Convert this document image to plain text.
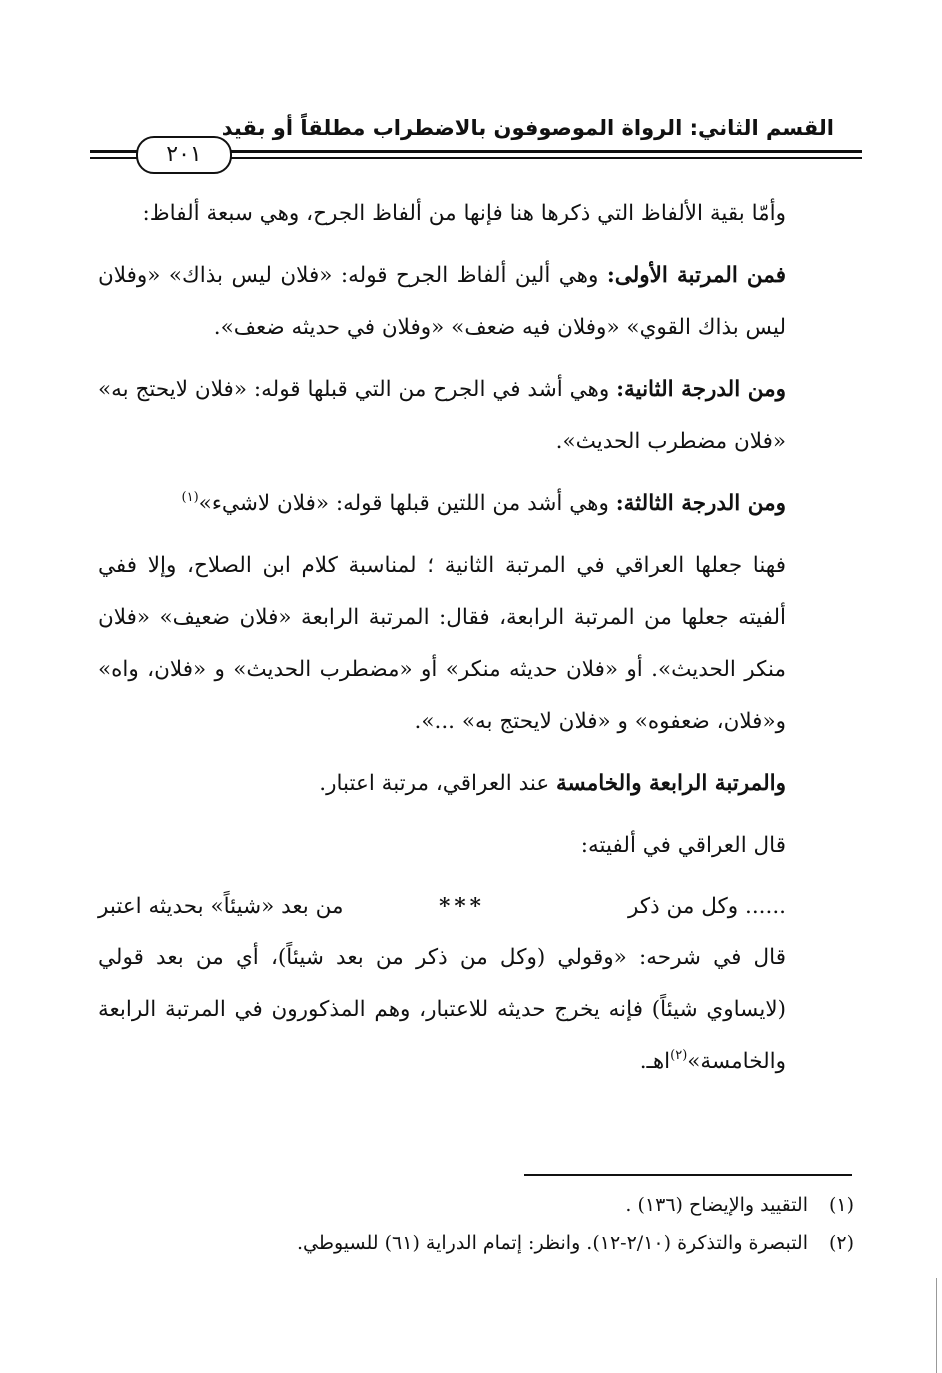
القسم الثاني: الرواة الموصوفون بالاضطراب مطلقاً أو بقيد
٢٠١

وأمّا بقية الألفاظ التي ذكرها هنا فإنها من ألفاظ الجرح، وهي سبعة ألفاظ:

فمن المرتبة الأولى: وهي ألين ألفاظ الجرح قوله: «فلان ليس بذاك» «وفلان ليس بذاك القوي» «وفلان فيه ضعف» «وفلان في حديثه ضعف».

ومن الدرجة الثانية: وهي أشد في الجرح من التي قبلها قوله: «فلان لايحتج به» «فلان مضطرب الحديث».

ومن الدرجة الثالثة: وهي أشد من اللتين قبلها قوله: «فلان لاشيء»$^{(١)}$

فهنا جعلها العراقي في المرتبة الثانية ؛ لمناسبة كلام ابن الصلاح، وإلا ففي ألفيته جعلها من المرتبة الرابعة، فقال: المرتبة الرابعة «فلان ضعيف» «فلان منكر الحديث». أو «فلان حديثه منكر» أو «مضطرب الحديث» و «فلان، واه» و«فلان، ضعفوه» و «فلان لايحتج به» ...».

والمرتبة الرابعة والخامسة عند العراقي، مرتبة اعتبار.

قال العراقي في ألفيته:

...... وكل من ذكر
***
من بعد «شيئاً» بحديثه اعتبر

قال في شرحه: «وقولي (وكل من ذكر من بعد شيئاً)، أي من بعد قولي (لايساوي شيئاً) فإنه يخرج حديثه للاعتبار، وهم المذكورون في المرتبة الرابعة والخامسة»$^{(٢)}$اهـ.

(١)
التقييد والإيضاح (١٣٦) .
(٢)
التبصرة والتذكرة (٢/١٠-١٢). وانظر: إتمام الدراية (٦١) للسيوطي.
